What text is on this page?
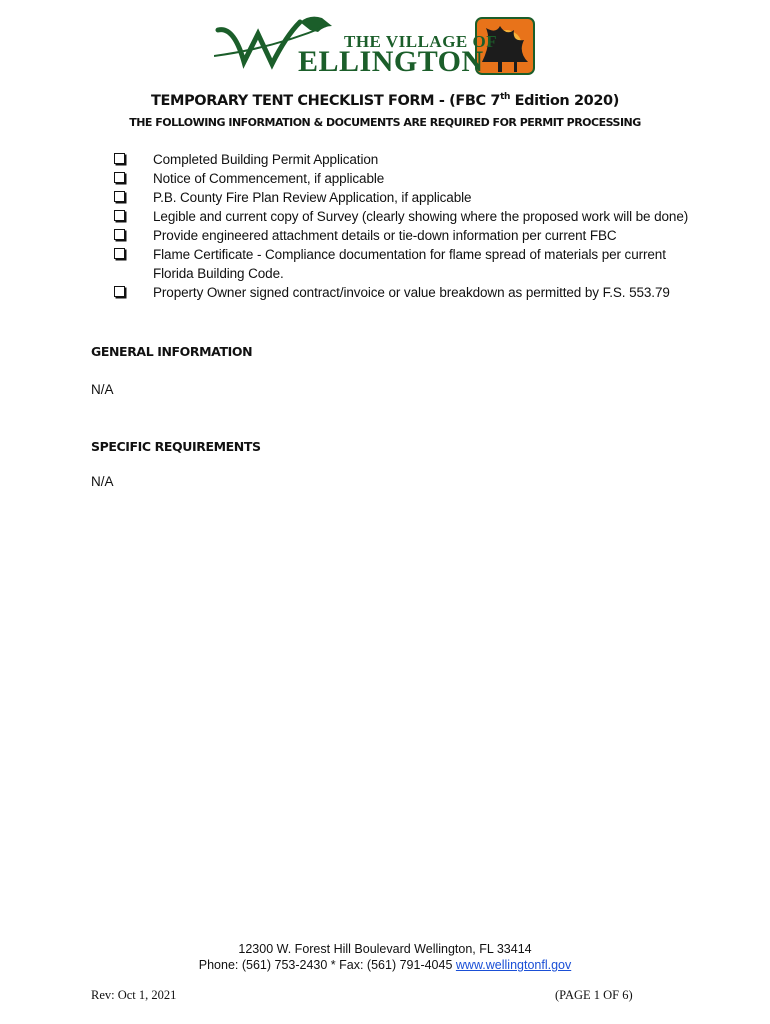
THE VILLAGE OF
ELLINGTON
TEMPORARY TENT CHECKLIST FORM - (FBC 7th Edition 2020)
THE FOLLOWING INFORMATION & DOCUMENTS ARE REQUIRED FOR PERMIT PROCESSING
Completed Building Permit Application
Notice of Commencement, if applicable
P.B. County Fire Plan Review Application, if applicable
Legible and current copy of Survey (clearly showing where the proposed work will be done)
Provide engineered attachment details or tie-down information per current FBC
Flame Certificate - Compliance documentation for flame spread of materials per current Florida Building Code.
Property Owner signed contract/invoice or value breakdown as permitted by F.S. 553.79
GENERAL INFORMATION
N/A
SPECIFIC REQUIREMENTS
N/A
12300 W. Forest Hill Boulevard Wellington, FL 33414
Phone: (561) 753-2430 * Fax: (561) 791-4045 www.wellingtonfl.gov
Rev: Oct 1, 2021	(PAGE 1 OF 6)
